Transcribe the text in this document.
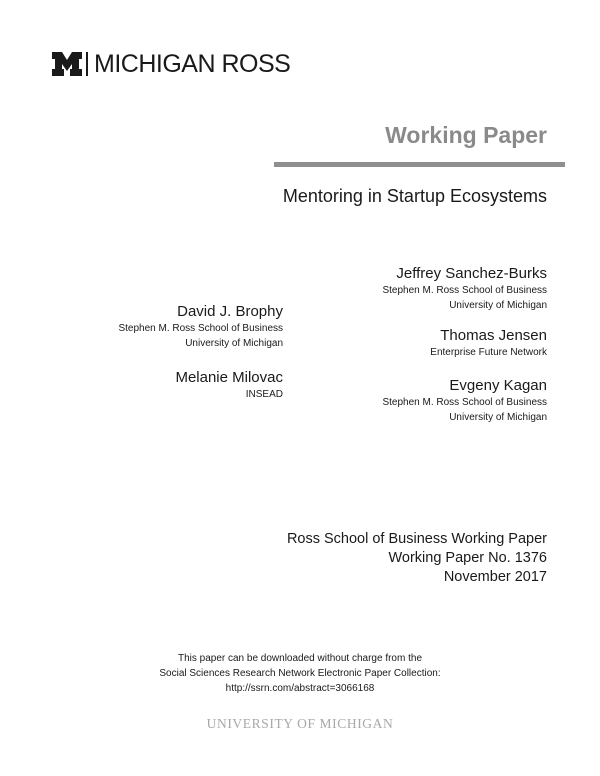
MICHIGAN ROSS
Working Paper
Mentoring in Startup Ecosystems
David J. Brophy
Stephen M. Ross School of Business
University of Michigan
Melanie Milovac
INSEAD
Jeffrey Sanchez-Burks
Stephen M. Ross School of Business
University of Michigan
Thomas Jensen
Enterprise Future Network
Evgeny Kagan
Stephen M. Ross School of Business
University of Michigan
Ross School of Business Working Paper
Working Paper No. 1376
November 2017
This paper can be downloaded without charge from the
Social Sciences Research Network Electronic Paper Collection:
http://ssrn.com/abstract=3066168
UNIVERSITY OF MICHIGAN
